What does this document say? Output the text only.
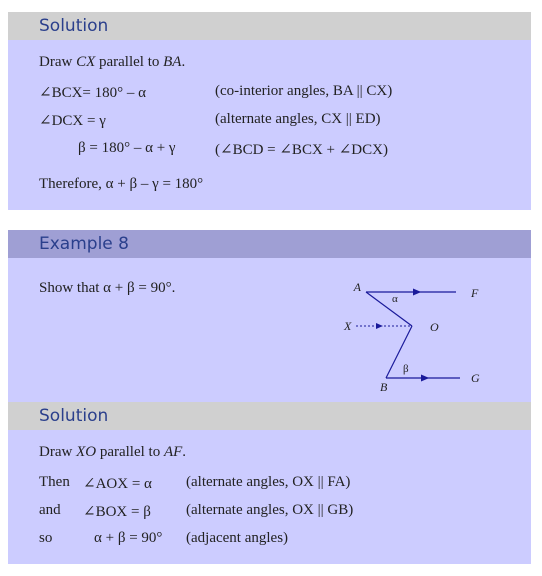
Solution
Draw CX parallel to BA.
∠BCX= 180° – α	(co-interior angles, BA || CX)
∠DCX = γ	(alternate angles, CX || ED)
β = 180° – α + γ	(∠BCD = ∠BCX + ∠DCX)
Therefore, α + β – γ = 180°
Example 8
Show that α + β = 90°.	A	F
X	O
B
G
α
β
Solution
Draw XO parallel to AF.
Then ∠AOX = α (alternate angles, OX || FA)
and ∠BOX = β (alternate angles, OX || GB)
so	α + β = 90° (adjacent angles)
